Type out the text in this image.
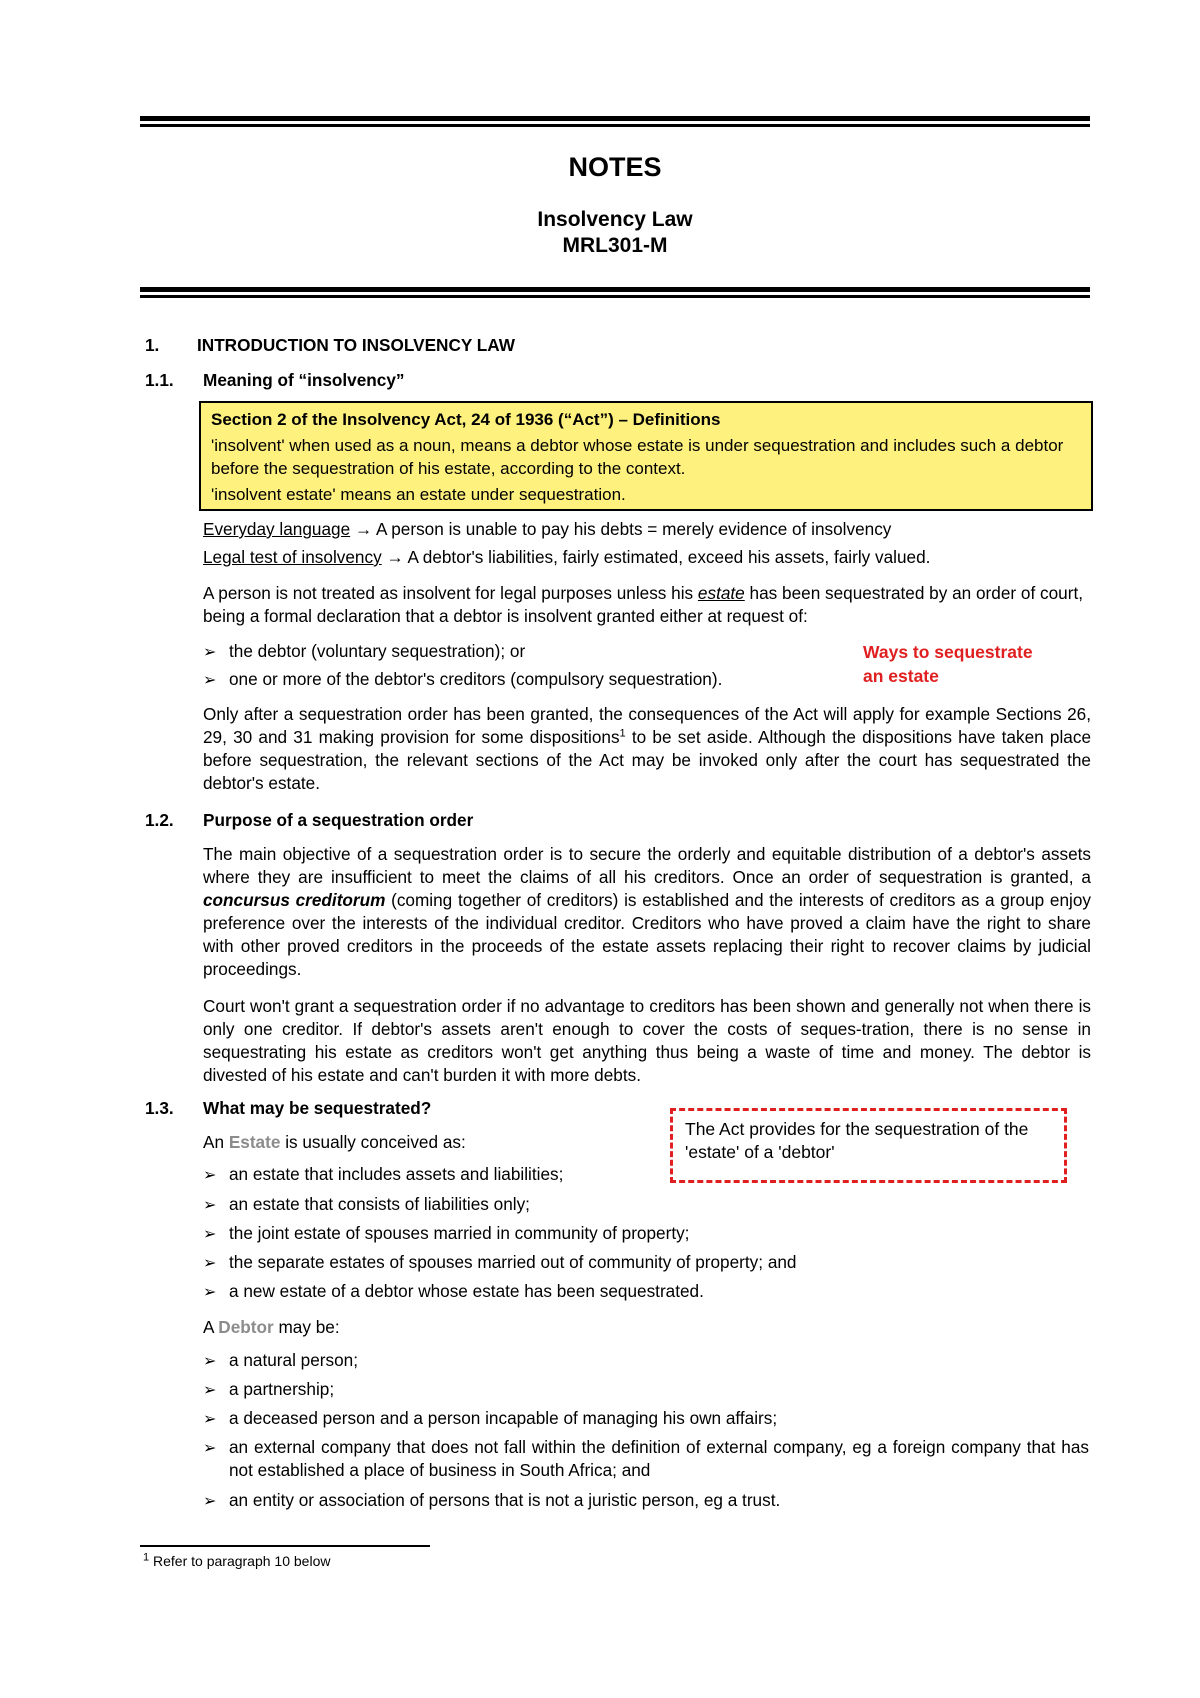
NOTES
Insolvency Law
MRL301-M
1. INTRODUCTION TO INSOLVENCY LAW
1.1. Meaning of “insolvency”

Section 2 of the Insolvency Act, 24 of 1936 (“Act”) – Definitions

'insolvent' when used as a noun, means a debtor whose estate is under sequestration and includes such a debtor before the sequestration of his estate, according to the context.

'insolvent estate' means an estate under sequestration.

Everyday language → A person is unable to pay his debts = merely evidence of insolvency
Legal test of insolvency → A debtor's liabilities, fairly estimated, exceed his assets, fairly valued.
A person is not treated as insolvent for legal purposes unless his estate has been sequestrated by an order of court, being a formal declaration that a debtor is insolvent granted either at request of:
➢ the debtor (voluntary sequestration); or
➢ one or more of the debtor's creditors (compulsory sequestration).
Ways to sequestrate
an estate
Only after a sequestration order has been granted, the consequences of the Act will apply for example Sections 26, 29, 30 and 31 making provision for some dispositions$^1$ to be set aside. Although the dispositions have taken place before sequestration, the relevant sections of the Act may be invoked only after the court has sequestrated the debtor's estate.
1.2. Purpose of a sequestration order
The main objective of a sequestration order is to secure the orderly and equitable distribution of a debtor's assets where they are insufficient to meet the claims of all his creditors. Once an order of sequestration is granted, a concursus creditorum (coming together of creditors) is established and the interests of creditors as a group enjoy preference over the interests of the individual creditor. Creditors who have proved a claim have the right to share with other proved creditors in the proceeds of the estate assets replacing their right to recover claims by judicial proceedings.
Court won't grant a sequestration order if no advantage to creditors has been shown and generally not when there is only one creditor. If debtor's assets aren't enough to cover the costs of seques-tration, there is no sense in sequestrating his estate as creditors won't get anything thus being a waste of time and money. The debtor is divested of his estate and can't burden it with more debts.
1.3. What may be sequestrated?
An Estate is usually conceived as:
The Act provides for the sequestration of the 'estate' of a 'debtor'
➢ an estate that includes assets and liabilities;
➢ an estate that consists of liabilities only;
➢ the joint estate of spouses married in community of property;
➢ the separate estates of spouses married out of community of property; and
➢ a new estate of a debtor whose estate has been sequestrated.
A Debtor may be:
➢ a natural person;
➢ a partnership;
➢ a deceased person and a person incapable of managing his own affairs;
➢ an external company that does not fall within the definition of external company, eg a foreign company that has not established a place of business in South Africa; and
➢ an entity or association of persons that is not a juristic person, eg a trust.
$^1$ Refer to paragraph 10 below
